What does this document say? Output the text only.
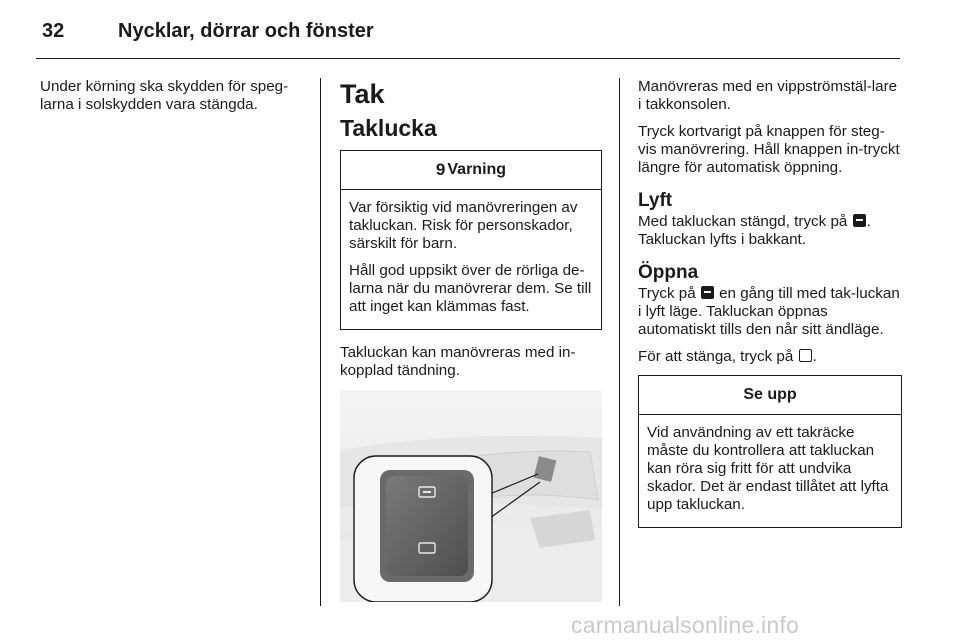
32	Nycklar, dörrar och fönster

Under körning ska skydden för speg-larna i solskydden vara stängda.	Tak
Taklucka
9 Varning

Var försiktig vid manövreringen av takluckan. Risk för personskador, särskilt för barn.

Håll god uppsikt över de rörliga de-larna när du manövrerar dem. Se till att inget kan klämmas fast.

Takluckan kan manövreras med in-kopplad tändning.

Manövreras med en vippströmstäl-lare i takkonsolen.

Tryck kortvarigt på knappen för steg-vis manövrering. Håll knappen in-tryckt längre för automatisk öppning.

Lyft

Med takluckan stängd, tryck på . Takluckan lyfts i bakkant.

Öppna

Tryck på  en gång till med tak-luckan i lyft läge. Takluckan öppnas automatiskt tills den når sitt ändläge.

För att stänga, tryck på .

Se upp

Vid användning av ett takräcke måste du kontrollera att takluckan kan röra sig fritt för att undvika skador. Det är endast tillåtet att lyfta upp takluckan.

carmanualsonline.info
